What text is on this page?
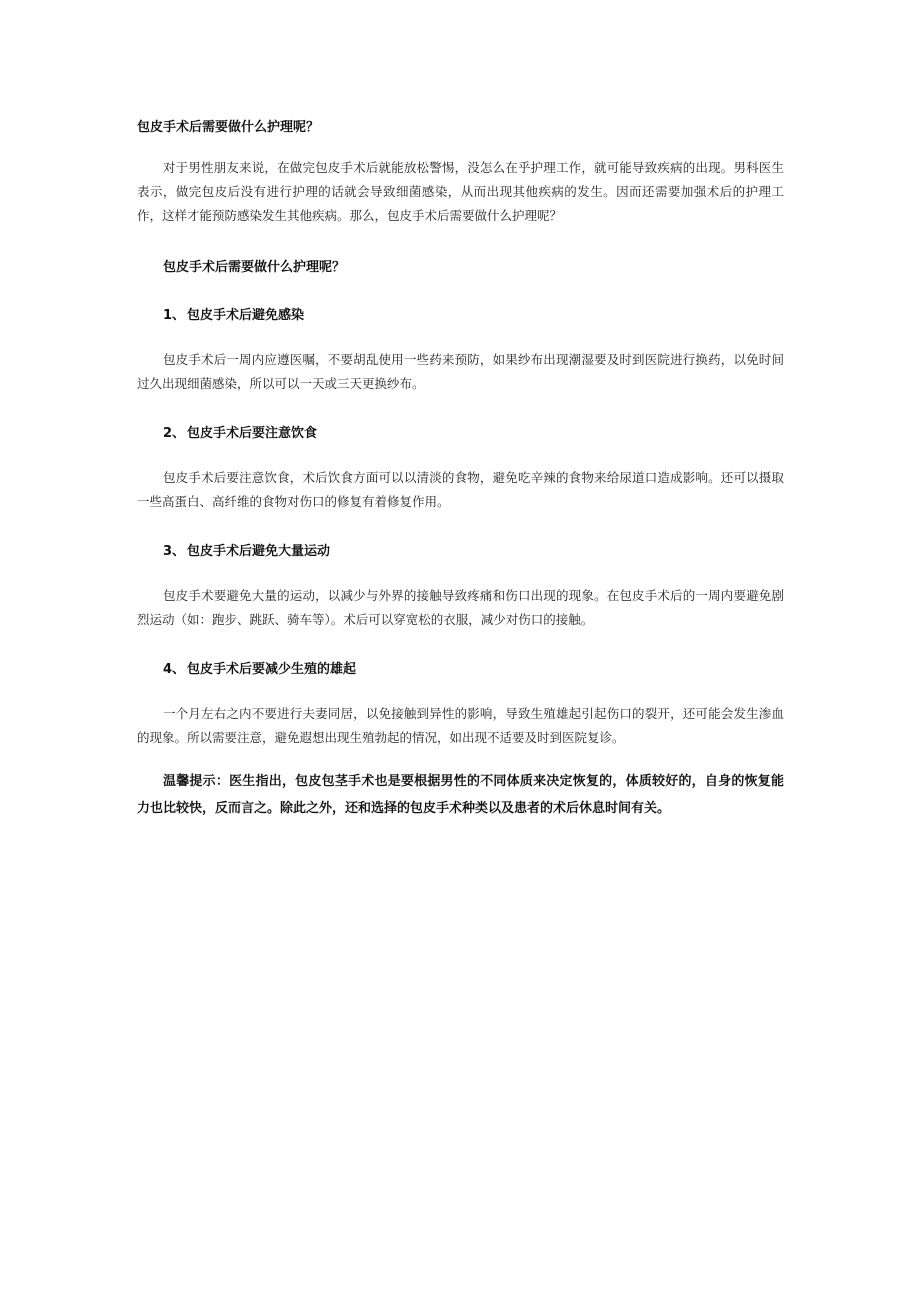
包皮手术后需要做什么护理呢？

对于男性朋友来说，在做完包皮手术后就能放松警惕，没怎么在乎护理工作，就可能导致疾病的出现。男科医生表示，做完包皮后没有进行护理的话就会导致细菌感染，从而出现其他疾病的发生。因而还需要加强术后的护理工作，这样才能预防感染发生其他疾病。那么，包皮手术后需要做什么护理呢？

包皮手术后需要做什么护理呢？
1、 包皮手术后避免感染

包皮手术后一周内应遵医嘱，不要胡乱使用一些药来预防，如果纱布出现潮湿要及时到医院进行换药，以免时间过久出现细菌感染，所以可以一天或三天更换纱布。

2、 包皮手术后要注意饮食

包皮手术后要注意饮食，术后饮食方面可以以清淡的食物，避免吃辛辣的食物来给尿道口造成影响。还可以摄取一些高蛋白、高纤维的食物对伤口的修复有着修复作用。

3、 包皮手术后避免大量运动

包皮手术要避免大量的运动，以减少与外界的接触导致疼痛和伤口出现的现象。在包皮手术后的一周内要避免剧烈运动（如：跑步、跳跃、骑车等）。术后可以穿宽松的衣服，减少对伤口的接触。

4、 包皮手术后要减少生殖的雄起

一个月左右之内不要进行夫妻同居，以免接触到异性的影响，导致生殖雄起引起伤口的裂开，还可能会发生渗血的现象。所以需要注意，避免遐想出现生殖勃起的情况，如出现不适要及时到医院复诊。

温馨提示：医生指出，包皮包茎手术也是要根据男性的不同体质来决定恢复的，体质较好的，自身的恢复能力也比较快，反而言之。除此之外，还和选择的包皮手术种类以及患者的术后休息时间有关。
